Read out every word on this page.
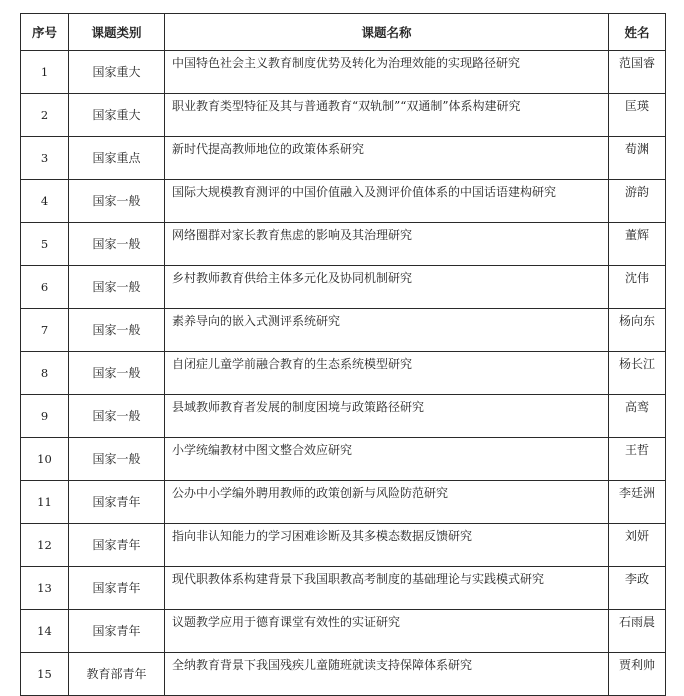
序号	课题类别	课题名称	姓名
1	国家重大	中国特色社会主义教育制度优势及转化为治理效能的实现路径研究	范国睿
2	国家重大	职业教育类型特征及其与普通教育“双轨制”“双通制”体系构建研究	匡瑛
3	国家重点	新时代提高教师地位的政策体系研究	荀渊
4	国家一般	国际大规模教育测评的中国价值融入及测评价值体系的中国话语建构研究	游韵
5	国家一般	网络圈群对家长教育焦虑的影响及其治理研究	董辉
6	国家一般	乡村教师教育供给主体多元化及协同机制研究	沈伟
7	国家一般	素养导向的嵌入式测评系统研究	杨向东
8	国家一般	自闭症儿童学前融合教育的生态系统模型研究	杨长江
9	国家一般	县域教师教育者发展的制度困境与政策路径研究	高鸾
10	国家一般	小学统编教材中图文整合效应研究	王哲
11	国家青年	公办中小学编外聘用教师的政策创新与风险防范研究	李廷洲
12	国家青年	指向非认知能力的学习困难诊断及其多模态数据反馈研究	刘妍
13	国家青年	现代职教体系构建背景下我国职教高考制度的基础理论与实践模式研究	李政
14	国家青年	议题教学应用于德育课堂有效性的实证研究	石雨晨
15	教育部青年	全纳教育背景下我国残疾儿童随班就读支持保障体系研究	贾利帅
